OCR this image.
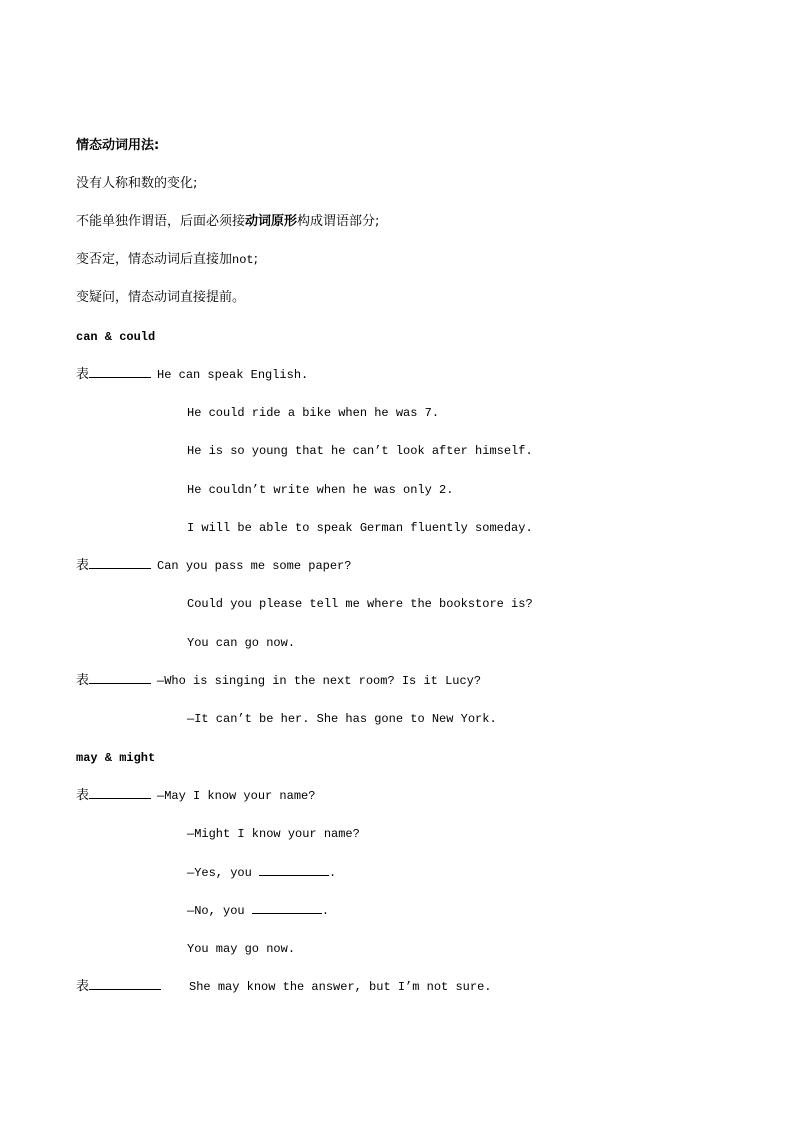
情态动词用法:
没有人称和数的变化;
不能单独作谓语，后面必须接动词原形构成谓语部分;
变否定，情态动词后直接加not;
变疑问，情态动词直接提前。
can & could
表	He can speak English.
He could ride a bike when he was 7.
He is so young that he can’t look after himself.
He couldn’t write when he was only 2.
I will be able to speak German fluently someday.
表	Can you pass me some paper?
Could you please tell me where the bookstore is?
You can go now.
表	—Who is singing in the next room? Is it Lucy?
—It can’t be her. She has gone to New York.
may & might
表	—May I know your name?
—Might I know your name?
—Yes, you	.
—No, you	.
You may go now.
表	She may know the answer, but I’m not sure.
